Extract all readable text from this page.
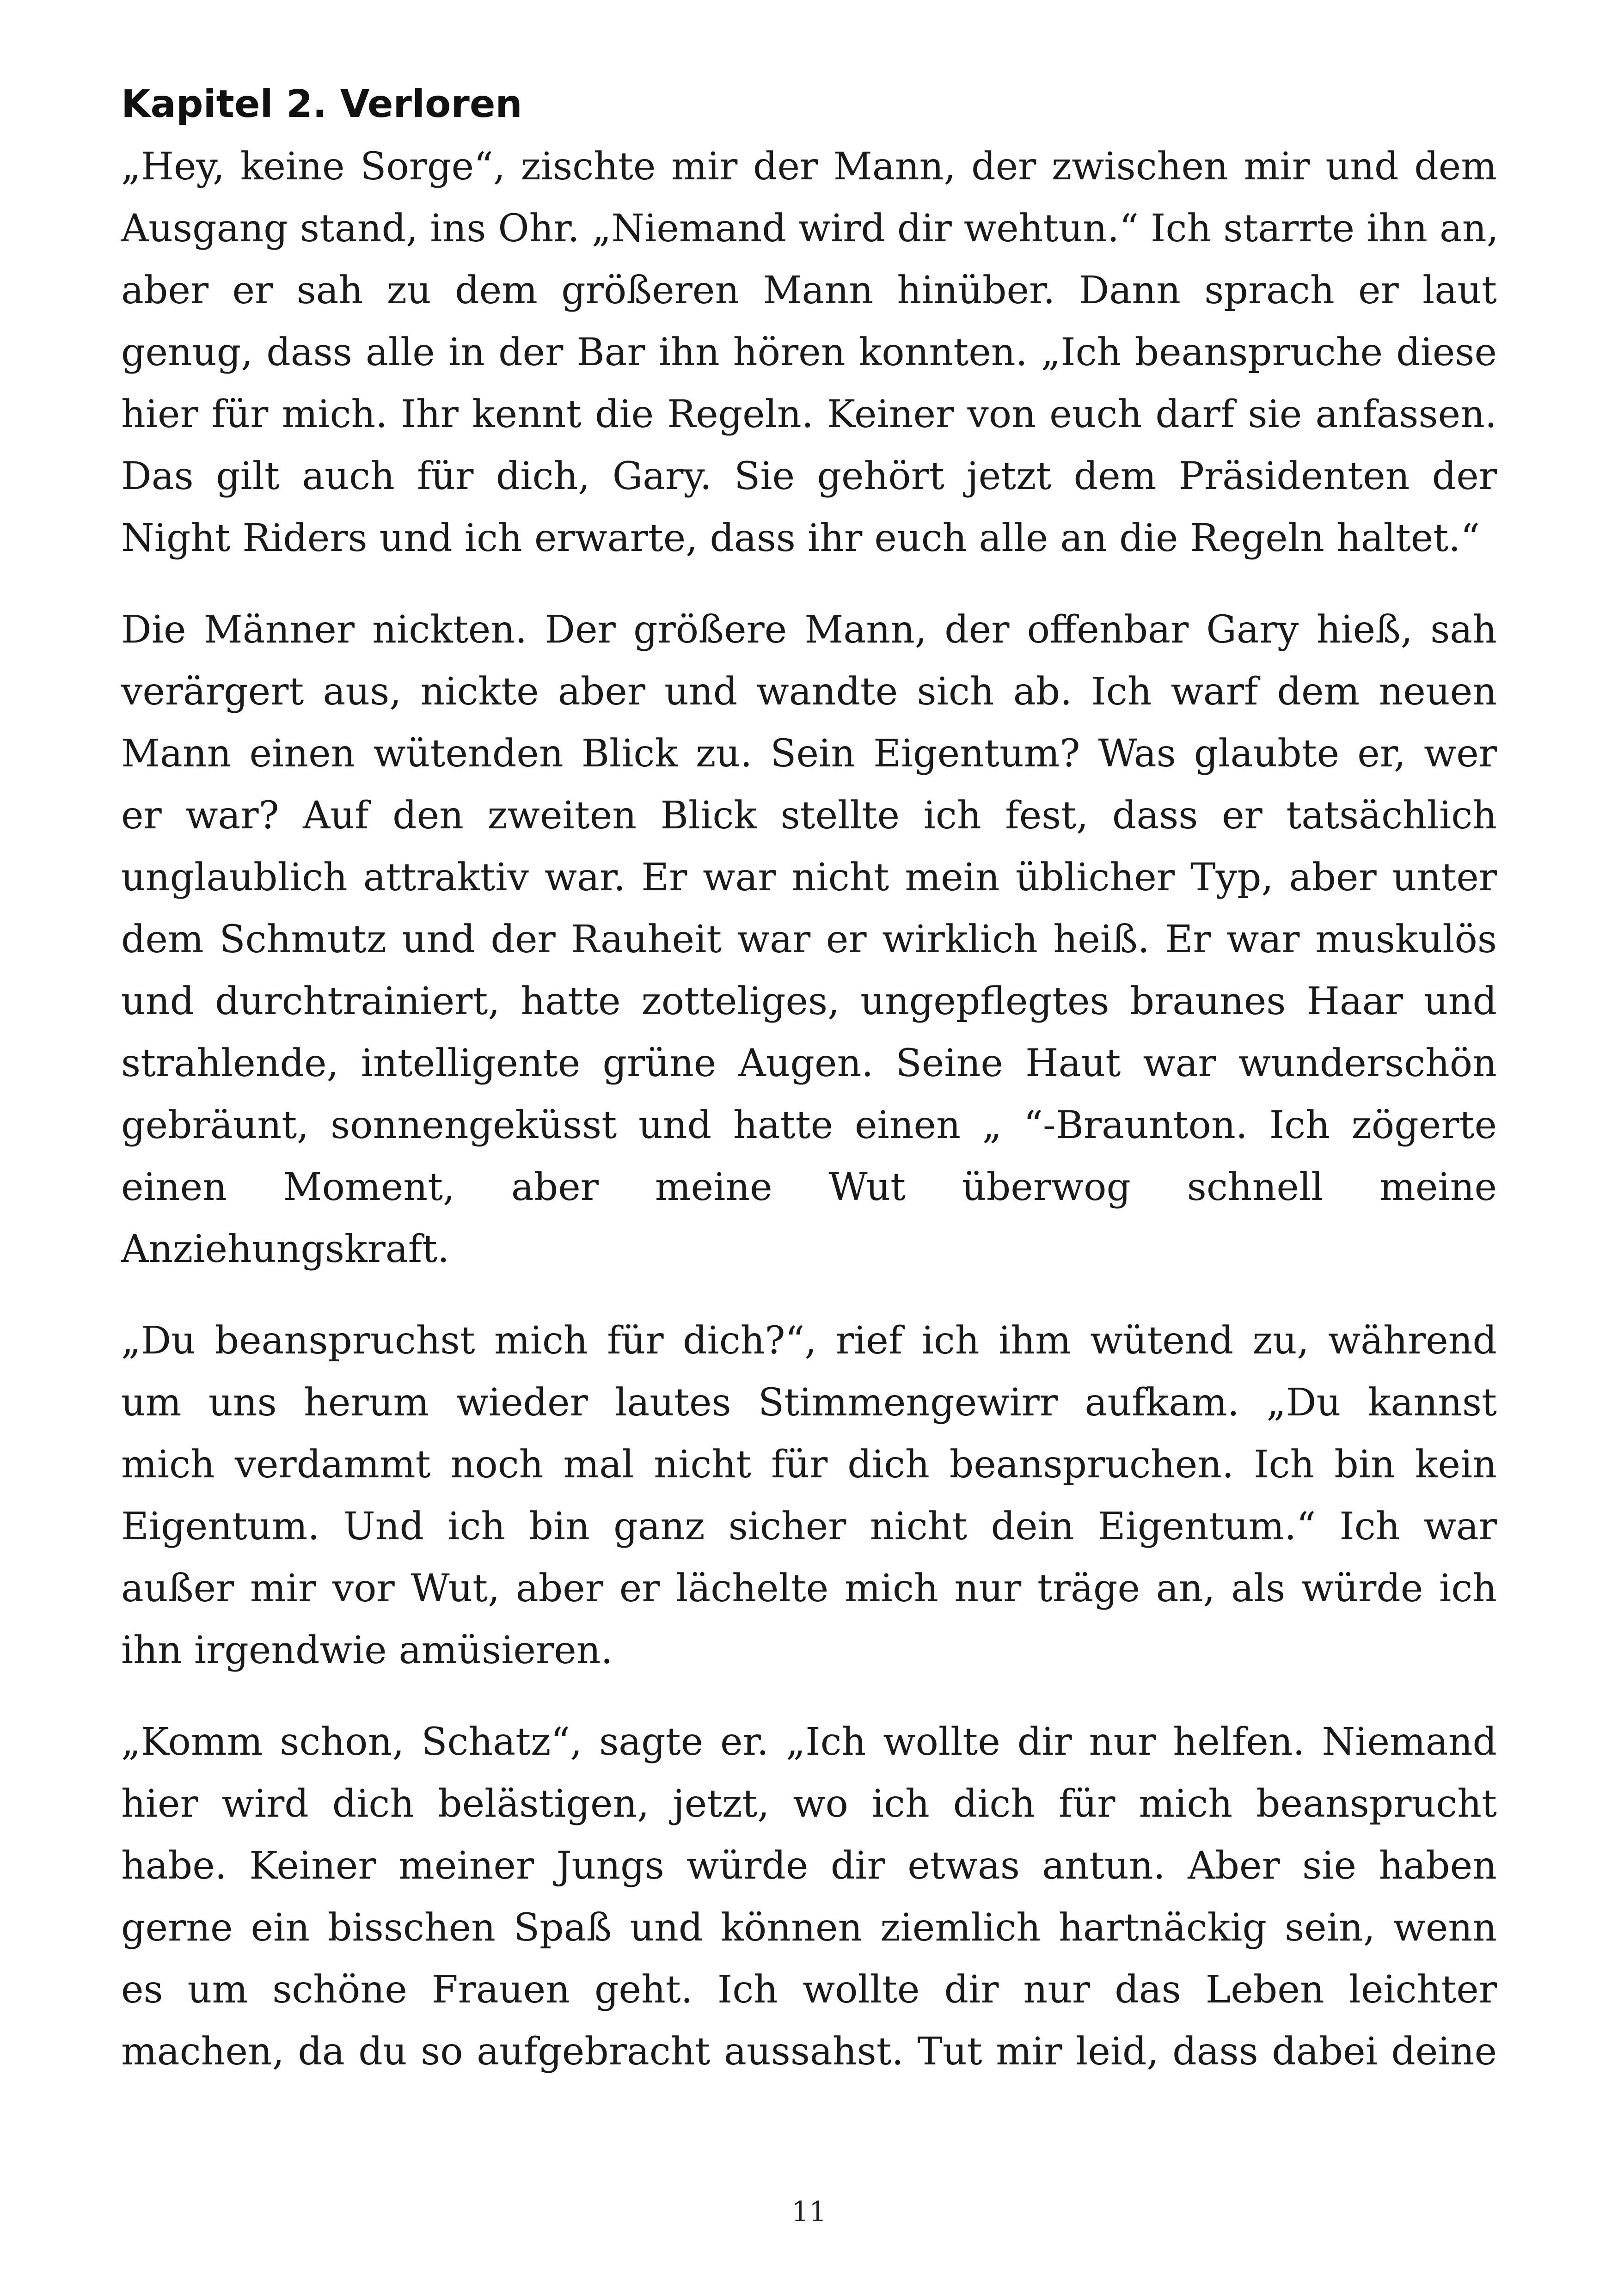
Kapitel 2. Verloren

„Hey, keine Sorge“, zischte mir der Mann, der zwischen mir und dem
Ausgang stand, ins Ohr. „Niemand wird dir wehtun.“ Ich starrte ihn an,
aber er sah zu dem größeren Mann hinüber. Dann sprach er laut
genug, dass alle in der Bar ihn hören konnten. „Ich beanspruche diese
hier für mich. Ihr kennt die Regeln. Keiner von euch darf sie anfassen.
Das gilt auch für dich, Gary. Sie gehört jetzt dem Präsidenten der
Night Riders und ich erwarte, dass ihr euch alle an die Regeln haltet.“

Die Männer nickten. Der größere Mann, der offenbar Gary hieß, sah
verärgert aus, nickte aber und wandte sich ab. Ich warf dem neuen
Mann einen wütenden Blick zu. Sein Eigentum? Was glaubte er, wer
er war? Auf den zweiten Blick stellte ich fest, dass er tatsächlich
unglaublich attraktiv war. Er war nicht mein üblicher Typ, aber unter
dem Schmutz und der Rauheit war er wirklich heiß. Er war muskulös
und durchtrainiert, hatte zotteliges, ungepflegtes braunes Haar und
strahlende, intelligente grüne Augen. Seine Haut war wunderschön
gebräunt, sonnengeküsst und hatte einen „ “-Braunton. Ich zögerte
einen Moment, aber meine Wut überwog schnell meine
Anziehungskraft.

„Du beanspruchst mich für dich?“, rief ich ihm wütend zu, während
um uns herum wieder lautes Stimmengewirr aufkam. „Du kannst
mich verdammt noch mal nicht für dich beanspruchen. Ich bin kein
Eigentum. Und ich bin ganz sicher nicht dein Eigentum.“ Ich war
außer mir vor Wut, aber er lächelte mich nur träge an, als würde ich
ihn irgendwie amüsieren.

„Komm schon, Schatz“, sagte er. „Ich wollte dir nur helfen. Niemand
hier wird dich belästigen, jetzt, wo ich dich für mich beansprucht
habe. Keiner meiner Jungs würde dir etwas antun. Aber sie haben
gerne ein bisschen Spaß und können ziemlich hartnäckig sein, wenn
es um schöne Frauen geht. Ich wollte dir nur das Leben leichter
machen, da du so aufgebracht aussahst. Tut mir leid, dass dabei deine

11
